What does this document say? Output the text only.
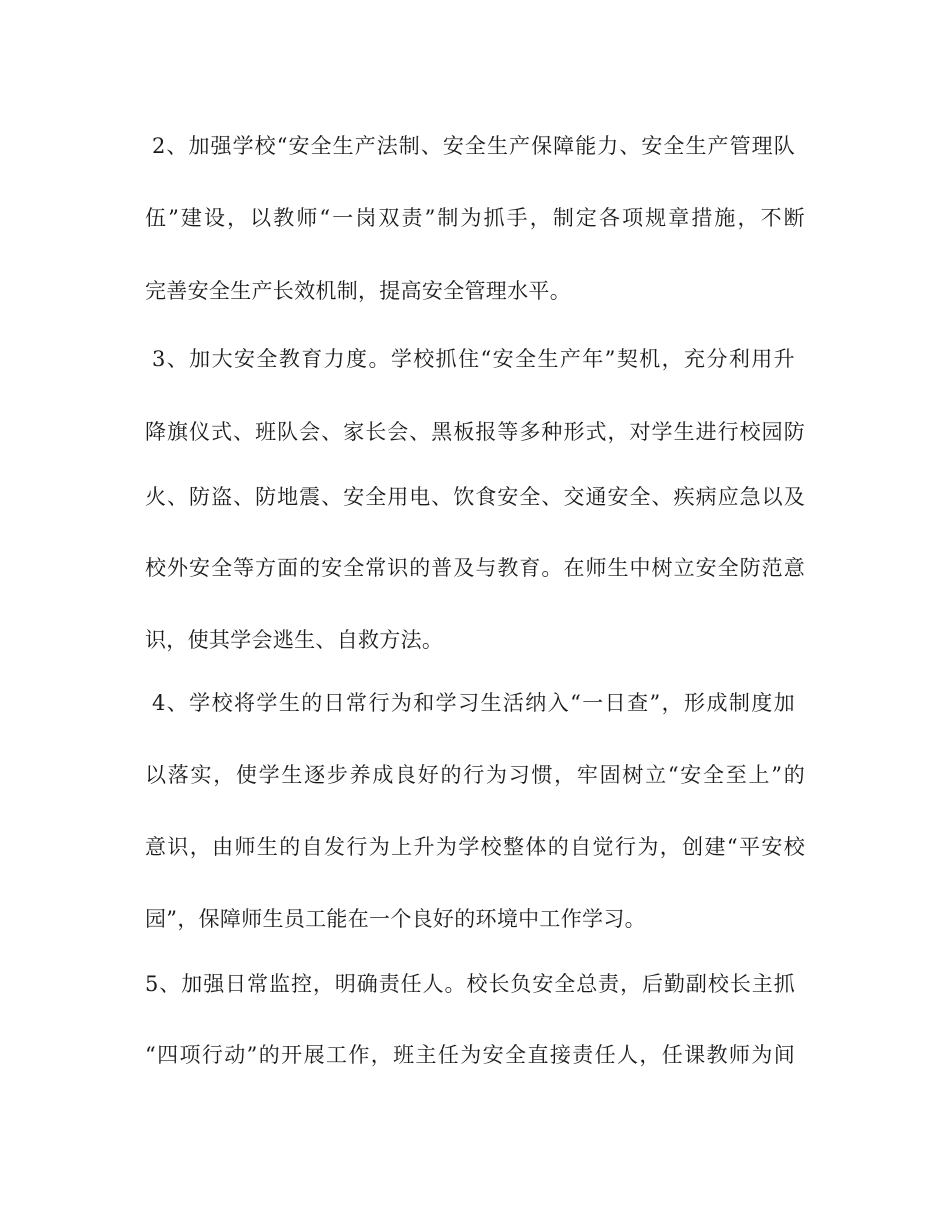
2、加强学校“安全生产法制、安全生产保障能力、安全生产管理队

伍”建设，以教师“一岗双责”制为抓手，制定各项规章措施，不断

完善安全生产长效机制，提高安全管理水平。

3、加大安全教育力度。学校抓住“安全生产年”契机，充分利用升

降旗仪式、班队会、家长会、黑板报等多种形式，对学生进行校园防

火、防盗、防地震、安全用电、饮食安全、交通安全、疾病应急以及

校外安全等方面的安全常识的普及与教育。在师生中树立安全防范意

识，使其学会逃生、自救方法。

4、学校将学生的日常行为和学习生活纳入“一日查”，形成制度加

以落实，使学生逐步养成良好的行为习惯，牢固树立“安全至上”的

意识，由师生的自发行为上升为学校整体的自觉行为，创建“平安校

园”，保障师生员工能在一个良好的环境中工作学习。

5、加强日常监控，明确责任人。校长负安全总责，后勤副校长主抓

“四项行动”的开展工作，班主任为安全直接责任人，任课教师为间
